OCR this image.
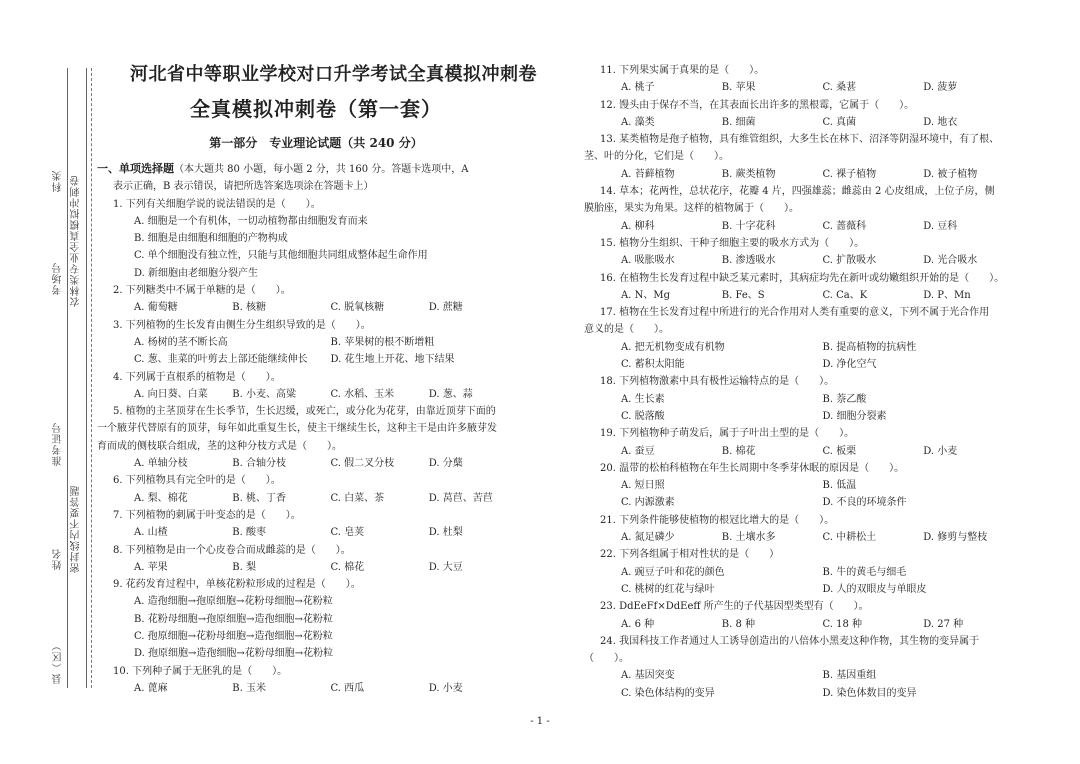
科类
考场号
准考证号
姓名
县（区）
农林类专业全真模拟冲刺卷
密封线内不要答题
河北省中等职业学校对口升学考试全真模拟冲刺卷
全真模拟冲刺卷（第一套）
第一部分　专业理论试题（共 240 分）
一、单项选择题（本大题共 80 小题，每小题 2 分，共 160 分。答题卡选项中，A
表示正确，B 表示错误，请把所选答案选项涂在答题卡上）
1. 下列有关细胞学说的说法错误的是（　　）。
A. 细胞是一个有机体，一切动植物都由细胞发育而来
B. 细胞是由细胞和细胞的产物构成
C. 单个细胞没有独立性，只能与其他细胞共同组成整体起生命作用
D. 新细胞由老细胞分裂产生
2. 下列糖类中不属于单糖的是（　　）。
A. 葡萄糖	B. 核糖	C. 脱氧核糖	D. 蔗糖
3. 下列植物的生长发育由侧生分生组织导致的是（　　）。
A. 杨树的茎不断长高	B. 苹果树的根不断增粗
C. 葱、韭菜的叶剪去上部还能继续伸长	D. 花生地上开花、地下结果
4. 下列属于直根系的植物是（　　）。
A. 向日葵、白菜	B. 小麦、高粱	C. 水稻、玉米	D. 葱、蒜
5. 植物的主茎顶芽在生长季节，生长迟缓，或死亡，或分化为花芽，由靠近顶芽下面的
一个腋芽代替原有的顶芽，每年如此重复生长，使主干继续生长，这种主干是由许多腋芽发
育而成的侧枝联合组成，茎的这种分枝方式是（　　）。
A. 单轴分枝	B. 合轴分枝	C. 假二叉分枝	D. 分蘖
6. 下列植物具有完全叶的是（　　）。
A. 梨、棉花	B. 桃、丁香	C. 白菜、茶	D. 莴苣、苦苣
7. 下列植物的刺属于叶变态的是（　　）。
A. 山楂	B. 酸枣	C. 皂荚	D. 杜梨
8. 下列植物是由一个心皮卷合而成雌蕊的是（　　）。
A. 苹果	B. 梨	C. 棉花	D. 大豆
9. 花药发育过程中，单核花粉粒形成的过程是（　　）。
A. 造孢细胞→孢原细胞→花粉母细胞→花粉粒
B. 花粉母细胞→孢原细胞→造孢细胞→花粉粒
C. 孢原细胞→花粉母细胞→造孢细胞→花粉粒
D. 孢原细胞→造孢细胞→花粉母细胞→花粉粒
10. 下列种子属于无胚乳的是（　　）。
A. 蓖麻	B. 玉米	C. 西瓜	D. 小麦
11. 下列果实属于真果的是（　　）。
A. 桃子	B. 苹果	C. 桑葚	D. 菠萝
12. 馒头由于保存不当，在其表面长出许多的黑根霉，它属于（　　）。
A. 藻类	B. 细菌	C. 真菌	D. 地衣
13. 某类植物是孢子植物，具有维管组织，大多生长在林下、沼泽等阴湿环境中，有了根、
茎、叶的分化，它们是（　　）。
A. 苔藓植物	B. 蕨类植物	C. 裸子植物	D. 被子植物
14. 草本；花两性，总状花序，花瓣 4 片，四强雄蕊；雌蕊由 2 心皮组成，上位子房，侧
膜胎座，果实为角果。这样的植物属于（　　）。
A. 柳科	B. 十字花科	C. 蔷薇科	D. 豆科
15. 植物分生组织、干种子细胞主要的吸水方式为（　　）。
A. 吸胀吸水	B. 渗透吸水	C. 扩散吸水	D. 光合吸水
16. 在植物生长发育过程中缺乏某元素时，其病症均先在新叶或幼嫩组织开始的是（　　）。
A. N、Mg	B. Fe、S	C. Ca、K	D. P、Mn
17. 植物在生长发育过程中所进行的光合作用对人类有重要的意义，下列不属于光合作用
意义的是（　　）。
A. 把无机物变成有机物	B. 提高植物的抗病性
C. 蓄积太阳能	D. 净化空气
18. 下列植物激素中具有极性运输特点的是（　　）。
A. 生长素	B. 萘乙酸
C. 脱落酸	D. 细胞分裂素
19. 下列植物种子萌发后，属于子叶出土型的是（　　）。
A. 蚕豆	B. 棉花	C. 板栗	D. 小麦
20. 温带的松柏科植物在年生长周期中冬季芽休眠的原因是（　　）。
A. 短日照	B. 低温
C. 内源激素	D. 不良的环境条件
21. 下列条件能够使植物的根冠比增大的是（　　）。
A. 氮足磷少	B. 土壤水多	C. 中耕松土	D. 修剪与整枝
22. 下列各组属于相对性状的是（　　）
A. 豌豆子叶和花的颜色	B. 牛的黄毛与细毛
C. 桃树的红花与绿叶	D. 人的双眼皮与单眼皮
23. DdEeFf×DdEeff 所产生的子代基因型类型有（　　）。
A. 6 种	B. 8 种	C. 18 种	D. 27 种
24. 我国科技工作者通过人工诱导创造出的八倍体小黑麦这种作物，其生物的变异属于
（　　）。
A. 基因突变	B. 基因重组
C. 染色体结构的变异	D. 染色体数目的变异
- 1 -
